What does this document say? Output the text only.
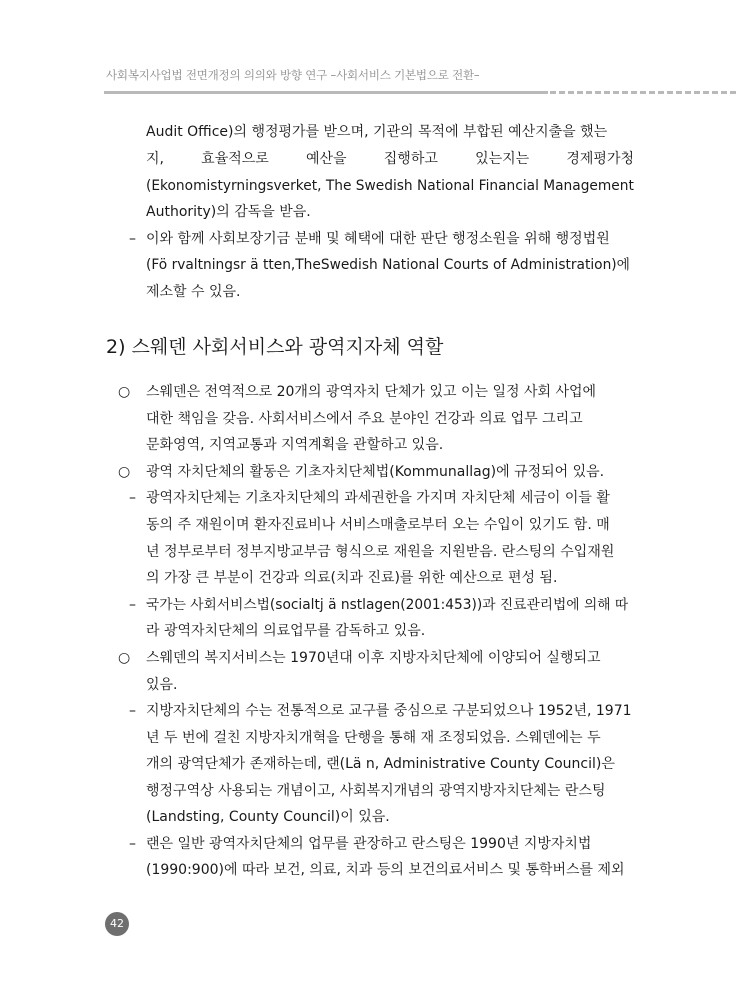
사회복지사업법 전면개정의 의의와 방향 연구 –사회서비스 기본법으로 전환–
Audit Office)의 행정평가를 받으며, 기관의 목적에 부합된 예산지출을 했는
지, 효율적으로 예산을 집행하고 있는지는 경제평가청
(Ekonomistyrningsverket, The Swedish National Financial Management
Authority)의 감독을 받음.
– 이와 함께 사회보장기금 분배 및 혜택에 대한 판단 행정소원을 위해 행정법원
(Fö rvaltningsr ä tten,TheSwedish National Courts of Administration)에
제소할 수 있음.
2) 스웨덴 사회서비스와 광역지자체 역할
○ 스웨덴은 전역적으로 20개의 광역자치 단체가 있고 이는 일정 사회 사업에
대한 책임을 갖음. 사회서비스에서 주요 분야인 건강과 의료 업무 그리고
문화영역, 지역교통과 지역계획을 관할하고 있음.
○ 광역 자치단체의 활동은 기초자치단체법(Kommunallag)에 규정되어 있음.
– 광역자치단체는 기초자치단체의 과세권한을 가지며 자치단체 세금이 이들 활
동의 주 재원이며 환자진료비나 서비스매출로부터 오는 수입이 있기도 함. 매
년 정부로부터 정부지방교부금 형식으로 재원을 지원받음. 란스팅의 수입재원
의 가장 큰 부분이 건강과 의료(치과 진료)를 위한 예산으로 편성 됨.
– 국가는 사회서비스법(socialtj ä nstlagen(2001:453))과 진료관리법에 의해 따
라 광역자치단체의 의료업무를 감독하고 있음.
○ 스웨덴의 복지서비스는 1970년대 이후 지방자치단체에 이양되어 실행되고
있음.
– 지방자치단체의 수는 전통적으로 교구를 중심으로 구분되었으나 1952년, 1971
년 두 번에 걸친 지방자치개혁을 단행을 통해 재 조정되었음. 스웨덴에는 두
개의 광역단체가 존재하는데, 랜(Lä n, Administrative County Council)은
행정구역상 사용되는 개념이고, 사회복지개념의 광역지방자치단체는 란스팅
(Landsting, County Council)이 있음.
– 랜은 일반 광역자치단체의 업무를 관장하고 란스팅은 1990년 지방자치법
(1990:900)에 따라 보건, 의료, 치과 등의 보건의료서비스 및 통학버스를 제외
42
